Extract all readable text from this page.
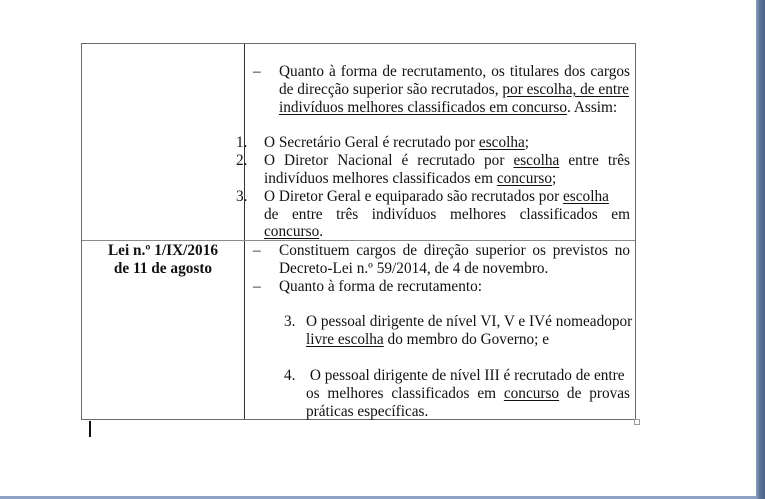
– Quanto à forma de recrutamento, os titulares dos cargos
de direcção superior são recrutados, por escolha, de entre
indivíduos melhores classificados em concurso. Assim:
1. O Secretário Geral é recrutado por escolha;
2. O Diretor Nacional é recrutado por escolha entre três
indivíduos melhores classificados em concurso;
3. O Diretor Geral e equiparado são recrutados por escolha
de entre três indivíduos melhores classificados em
concurso.
Lei n.º 1/IX/2016
de 11 de agosto
– Constituem cargos de direção superior os previstos no
Decreto-Lei n.º 59/2014, de 4 de novembro.
– Quanto à forma de recrutamento:
3. O pessoal dirigente de nível VI, V e IVé nomeadopor
livre escolha do membro do Governo; e
4. O pessoal dirigente de nível III é recrutado de entre
os melhores classificados em concurso de provas
práticas específicas.
